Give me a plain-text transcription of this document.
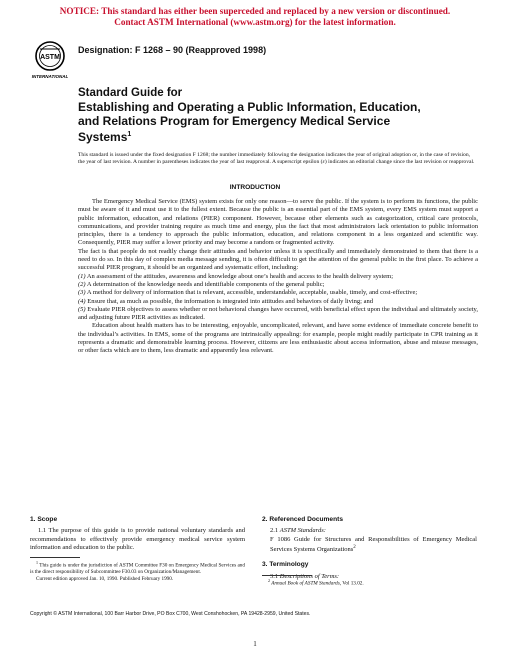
NOTICE: This standard has either been superceded and replaced by a new version or discontinued.
Contact ASTM International (www.astm.org) for the latest information.
ASTM
INTERNATIONAL
Designation: F 1268 – 90 (Reapproved 1998)
Standard Guide for
Establishing and Operating a Public Information, Education,
and Relations Program for Emergency Medical Service
Systems$^1$
This standard is issued under the fixed designation F 1268; the number immediately following the designation indicates the year of original adoption or, in the case of revision, the year of last revision. A number in parentheses indicates the year of last reapproval. A superscript epsilon (ε) indicates an editorial change since the last revision or reapproval.
INTRODUCTION

The Emergency Medical Service (EMS) system exists for only one reason—to serve the public. If the system is to perform its functions, the public must be aware of it and must use it to the fullest extent. Because the public is an essential part of the EMS system, every EMS system must support a public information, education, and relations (PIER) component. However, because other elements such as categorization, critical care protocols, communications, and provider training require as much time and energy, plus the fact that most administrators lack orientation to public information principles, there is a tendency to approach the public information, education, and relations component in a less organized and scientific way. Consequently, PIER may suffer a lower priority and may become a random or fragmented activity.

The fact is that people do not readily change their attitudes and behavior unless it is specifically and immediately demonstrated to them that there is a need to do so. In this day of complex media message sending, it is often difficult to get the attention of the general public in the first place. To achieve a successful PIER program, it should be an organized and systematic effort, including:

(1) An assessment of the attitudes, awareness and knowledge about one’s health and access to the health delivery system;

(2) A determination of the knowledge needs and identifiable components of the general public;

(3) A method for delivery of information that is relevant, accessible, understandable, acceptable, usable, timely, and cost-effective;

(4) Ensure that, as much as possible, the information is integrated into attitudes and behaviors of daily living; and

(5) Evaluate PIER objectives to assess whether or not behavioral changes have occurred, with beneficial effect upon the individual and ultimately society, and adjusting future PIER activities as indicated.

Education about health matters has to be interesting, enjoyable, uncomplicated, relevant, and have some evidence of immediate concrete benefit to the individual’s activities. In EMS, some of the programs are intrinsically appealing: for example, people might readily participate in CPR training as it represents a dramatic and demonstrable learning process. However, citizens are less enthusiastic about access information, abuse and misuse messages, or other facts which are to them, less dramatic and apparently less relevant.

1. Scope

1.1 The purpose of this guide is to provide national voluntary standards and recommendations to effectively provide emergency medical service system information and education to the public.

2. Referenced Documents

2.1 ASTM Standards:

F 1086 Guide for Structures and Responsibilities of Emergency Medical Services Systems Organizations$^2$

3. Terminology

3.1 Descriptions of Terms:

$^1$ This guide is under the jurisdiction of ASTM Committee F30 on Emergency Medical Services and is the direct responsibility of Subcommittee F30.03 on Organization/Management.
Current edition approved Jan. 10, 1990. Published February 1990.	$^2$ Annual Book of ASTM Standards, Vol 13.02.
Copyright © ASTM International, 100 Barr Harbor Drive, PO Box C700, West Conshohocken, PA 19428-2959, United States.
1
